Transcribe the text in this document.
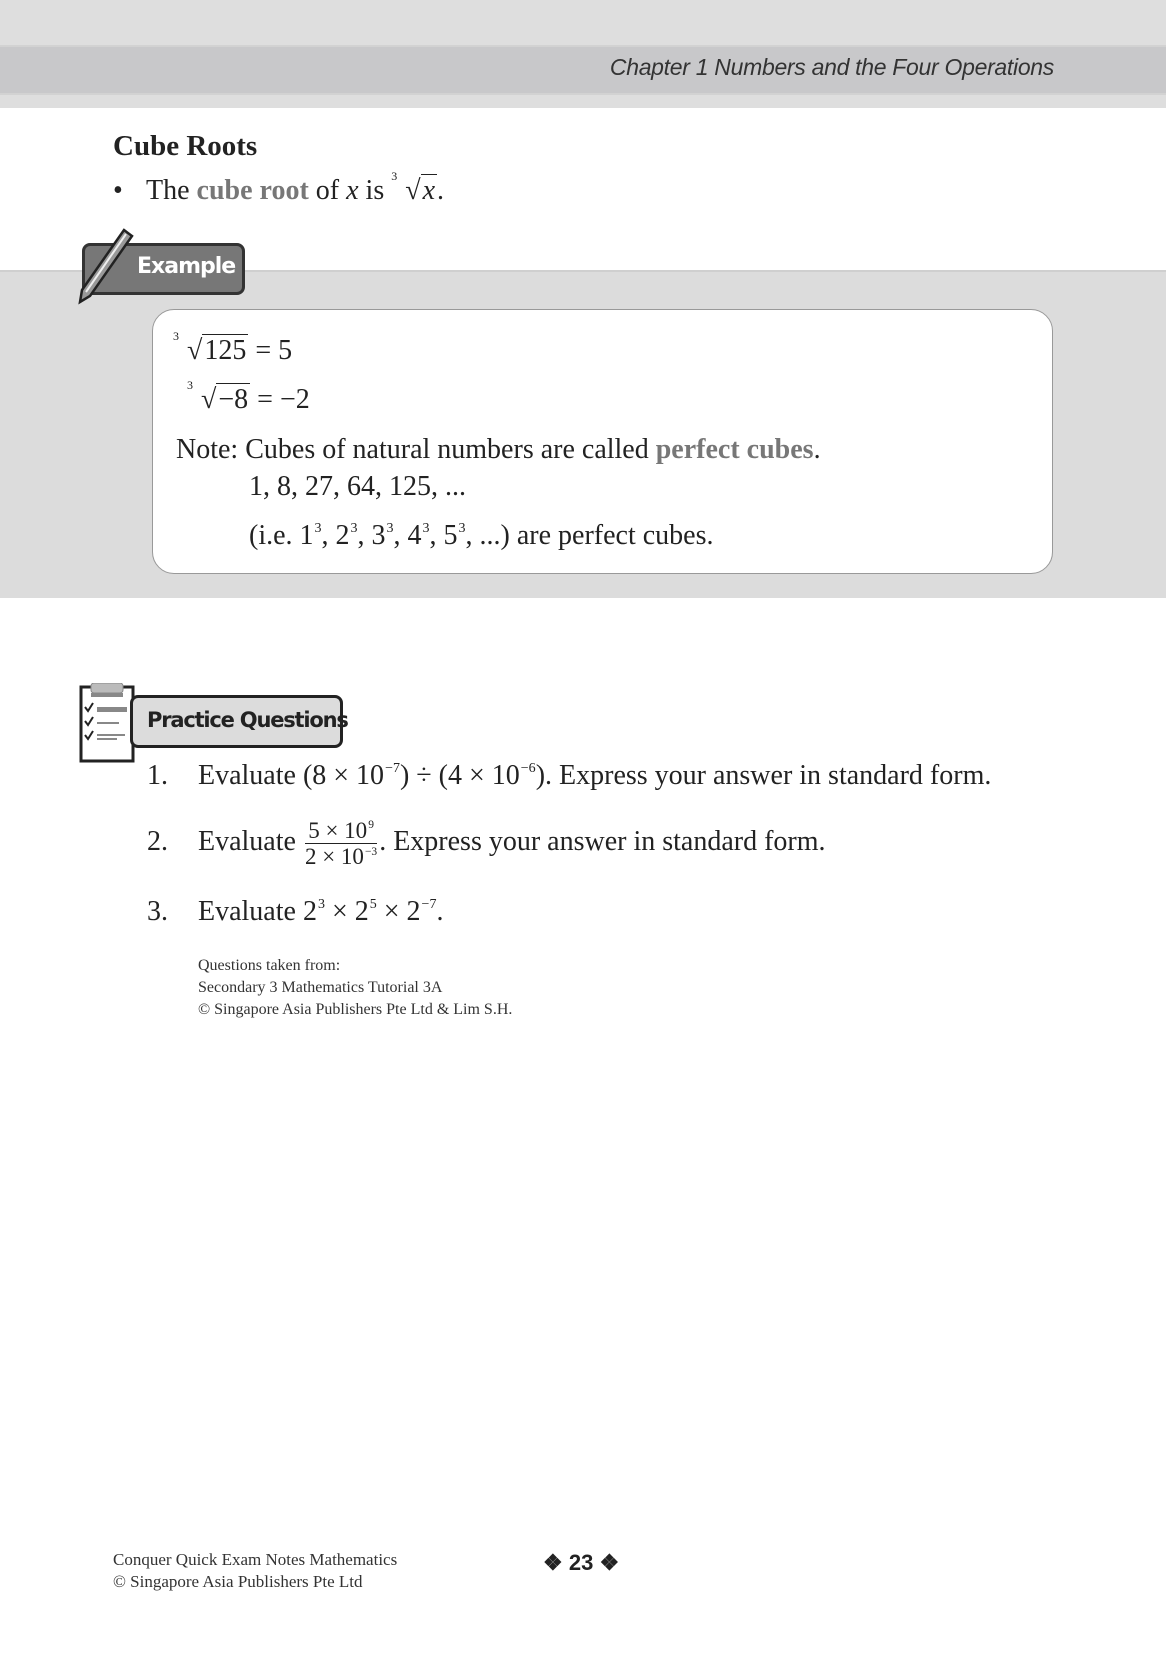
Chapter 1 Numbers and the Four Operations
Cube Roots
• The cube root of x is 3 √x.
Example
3 √125 = 5
3 √−8 = −2
Note: Cubes of natural numbers are called perfect cubes.
1, 8, 27, 64, 125, ...
(i.e. $1^3$, $2^3$, $3^3$, $4^3$, $5^3$, ...) are perfect cubes.
Practice Questions
1. Evaluate $(8 \times 10^{-7}) \div (4 \times 10^{-6})$. Express your answer in standard form.
2. Evaluate $\frac{5 \times 10^9}{2 \times 10^{-3}}$ . Express your answer in standard form.
3. Evaluate $2^3 \times 2^5 \times 2^{-7}$.
Questions taken from:
Secondary 3 Mathematics Tutorial 3A
© Singapore Asia Publishers Pte Ltd & Lim S.H.
Conquer Quick Exam Notes Mathematics
© Singapore Asia Publishers Pte Ltd
❖ 23 ❖
